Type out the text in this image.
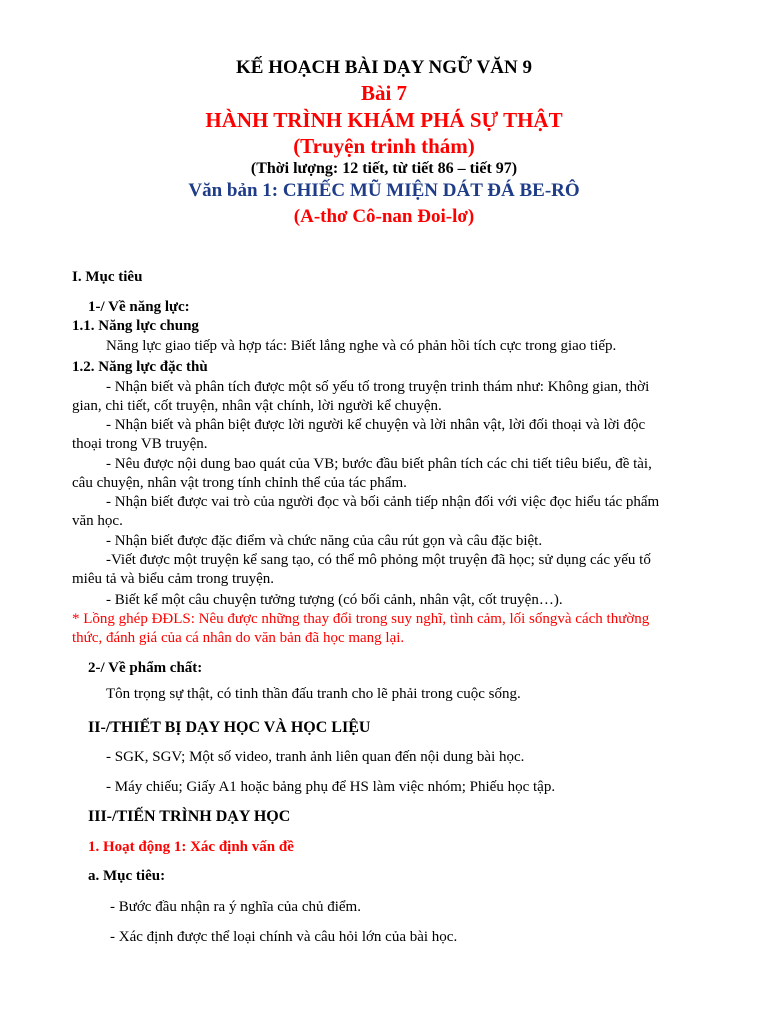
KẾ HOẠCH BÀI DẠY NGỮ VĂN 9
Bài 7
HÀNH TRÌNH KHÁM PHÁ SỰ THẬT
(Truyện trinh thám)
(Thời lượng: 12 tiết, từ tiết 86 – tiết 97)
Văn bản 1: CHIẾC MŨ MIỆN DÁT ĐÁ BE-RÔ
(A-thơ Cô-nan Đoi-lơ)
I. Mục tiêu
1-/ Về năng lực:
1.1. Năng lực chung
Năng lực giao tiếp và hợp tác: Biết lắng nghe và có phản hồi tích cực trong giao tiếp.
1.2. Năng lực đặc thù
- Nhận biết và phân tích được một số yếu tố trong truyện trinh thám như: Không gian, thời
gian, chi tiết, cốt truyện, nhân vật chính, lời người kể chuyện.
- Nhận biết và phân biệt được lời người kể chuyện và lời nhân vật, lời đối thoại và lời độc
thoại trong VB truyện.
- Nêu được nội dung bao quát của VB; bước đầu biết phân tích các chi tiết tiêu biểu, đề tài,
câu chuyện, nhân vật trong tính chỉnh thể của tác phẩm.
- Nhận biết được vai trò của người đọc và bối cảnh tiếp nhận đối với việc đọc hiểu tác phẩm
văn học.
- Nhận biết được đặc điểm và chức năng của câu rút gọn và câu đặc biệt.
-Viết được một truyện kể sang tạo, có thể mô phỏng một truyện đã học; sử dụng các yếu tố
miêu tả và biểu cảm trong truyện.
- Biết kể một câu chuyện tưởng tượng (có bối cảnh, nhân vật, cốt truyện…).
* Lồng ghép ĐĐLS: Nêu được những thay đổi trong suy nghĩ, tình cảm, lối sốngvà cách thường
thức, đánh giá của cá nhân do văn bản đã học mang lại.
2-/ Về phẩm chất:
Tôn trọng sự thật, có tinh thần đấu tranh cho lẽ phải trong cuộc sống.
II-/THIẾT BỊ DẠY HỌC VÀ HỌC LIỆU
- SGK, SGV; Một số video, tranh ảnh liên quan đến nội dung bài học.
- Máy chiếu; Giấy A1 hoặc bảng phụ để HS làm việc nhóm; Phiếu học tập.
III-/TIẾN TRÌNH DẠY HỌC
1. Hoạt động 1: Xác định vấn đề
a. Mục tiêu:
- Bước đầu nhận ra ý nghĩa của chủ điểm.
- Xác định được thể loại chính và câu hỏi lớn của bài học.
